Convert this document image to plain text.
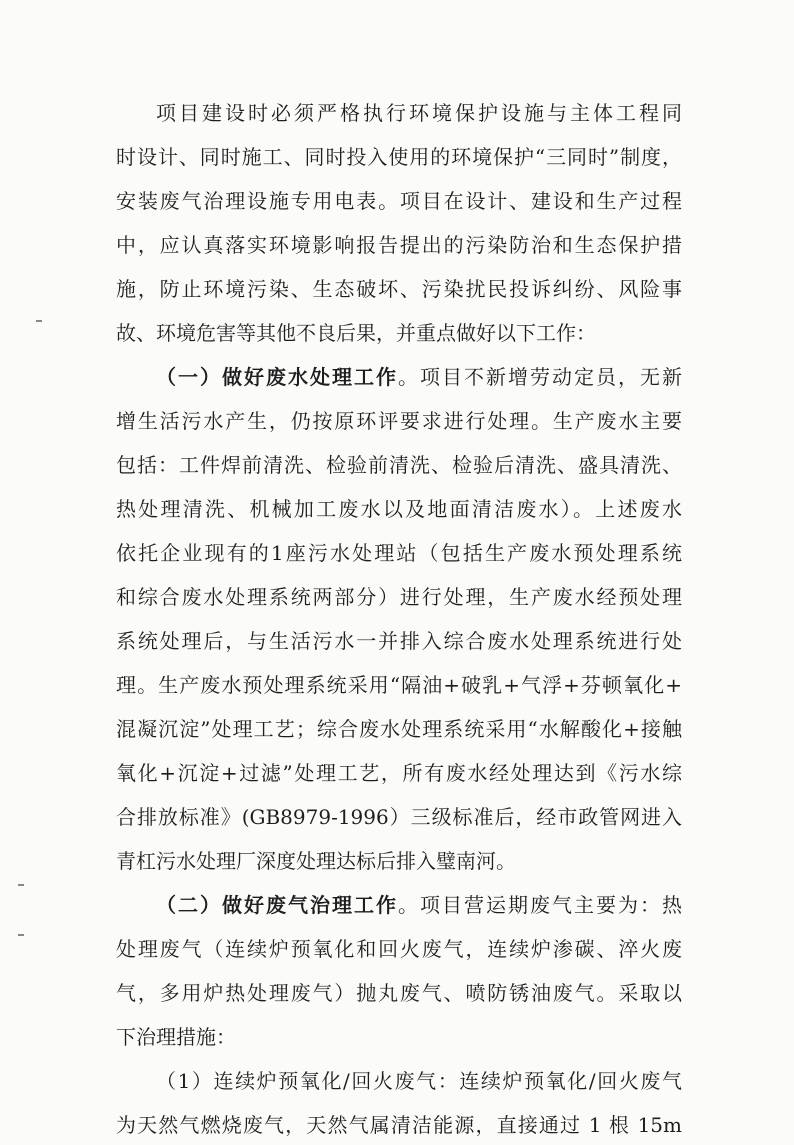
项目建设时必须严格执行环境保护设施与主体工程同
时设计、同时施工、同时投入使用的环境保护“三同时”制度，
安装废气治理设施专用电表。项目在设计、建设和生产过程
中，应认真落实环境影响报告提出的污染防治和生态保护措
施，防止环境污染、生态破坏、污染扰民投诉纠纷、风险事
故、环境危害等其他不良后果，并重点做好以下工作：
（一）做好废水处理工作。项目不新增劳动定员，无新
增生活污水产生，仍按原环评要求进行处理。生产废水主要
包括：工件焊前清洗、检验前清洗、检验后清洗、盛具清洗、
热处理清洗、机械加工废水以及地面清洁废水）。上述废水
依托企业现有的1座污水处理站（包括生产废水预处理系统
和综合废水处理系统两部分）进行处理，生产废水经预处理
系统处理后，与生活污水一并排入综合废水处理系统进行处
理。生产废水预处理系统采用“隔油+破乳+气浮+芬顿氧化+
混凝沉淀”处理工艺；综合废水处理系统采用“水解酸化+接触
氧化+沉淀+过滤”处理工艺，所有废水经处理达到《污水综
合排放标准》(GB8979-1996）三级标准后，经市政管网进入
青杠污水处理厂深度处理达标后排入璧南河。
（二）做好废气治理工作。项目营运期废气主要为：热
处理废气（连续炉预氧化和回火废气，连续炉渗碳、淬火废
气，多用炉热处理废气）抛丸废气、喷防锈油废气。采取以
下治理措施：
（1）连续炉预氧化/回火废气：连续炉预氧化/回火废气
为天然气燃烧废气，天然气属清洁能源，直接通过 1 根 15m
